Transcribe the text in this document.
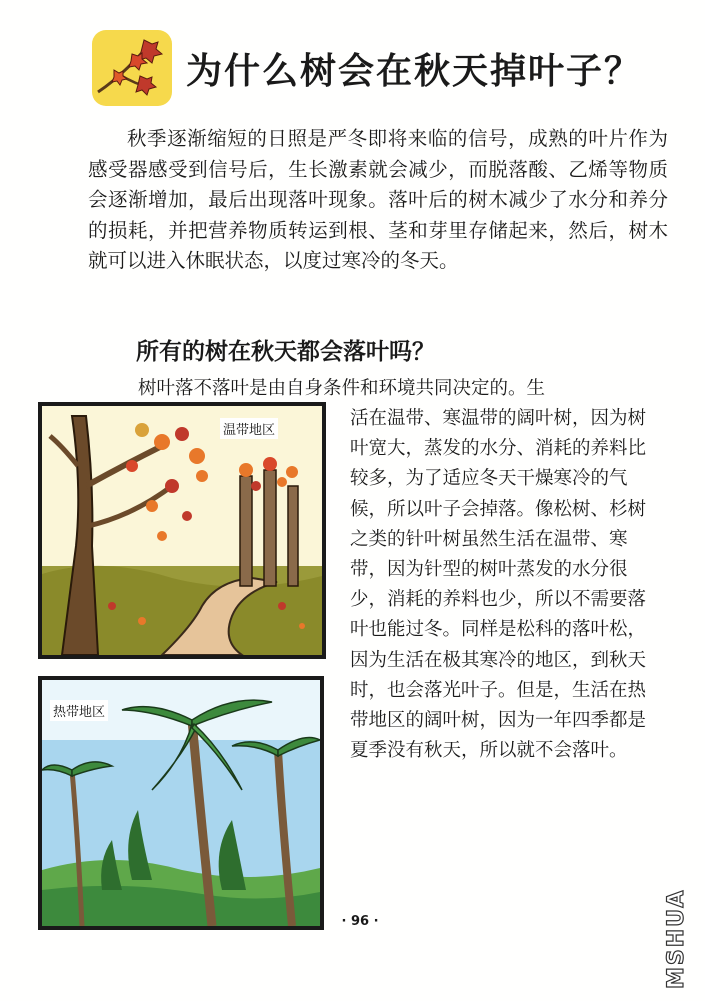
为什么树会在秋天掉叶子？
秋季逐渐缩短的日照是严冬即将来临的信号，成熟的叶片作为感受器感受到信号后，生长激素就会减少，而脱落酸、乙烯等物质会逐渐增加，最后出现落叶现象。落叶后的树木减少了水分和养分的损耗，并把营养物质转运到根、茎和芽里存储起来，然后，树木就可以进入休眠状态，以度过寒冷的冬天。
所有的树在秋天都会落叶吗？
树叶落不落叶是由自身条件和环境共同决定的。生
温带地区
热带地区
活在温带、寒温带的阔叶树，因为树叶宽大，蒸发的水分、消耗的养料比较多，为了适应冬天干燥寒冷的气候，所以叶子会掉落。像松树、杉树之类的针叶树虽然生活在温带、寒带，因为针型的树叶蒸发的水分很少，消耗的养料也少，所以不需要落叶也能过冬。同样是松科的落叶松，因为生活在极其寒冷的地区，到秋天时，也会落光叶子。但是，生活在热带地区的阔叶树，因为一年四季都是夏季没有秋天，所以就不会落叶。
· 96 ·	MSHUA
